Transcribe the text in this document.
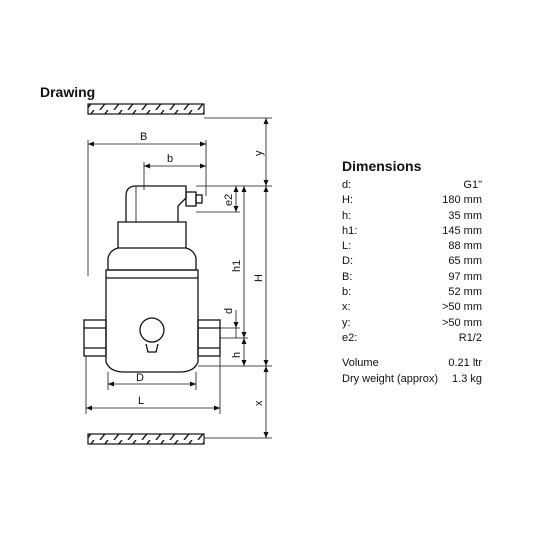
Drawing
B
b	y
e2
h1
H
d
h
D
L	x
Dimensions
d:	G1"
H:	180 mm
h:	35 mm
h1:	145 mm
L:	88 mm
D:	65 mm
B:	97 mm
b:	52 mm
x:	>50 mm
y:	>50 mm
e2:	R1/2
Volume	0.21 ltr
Dry weight (approx) 1.3 kg
